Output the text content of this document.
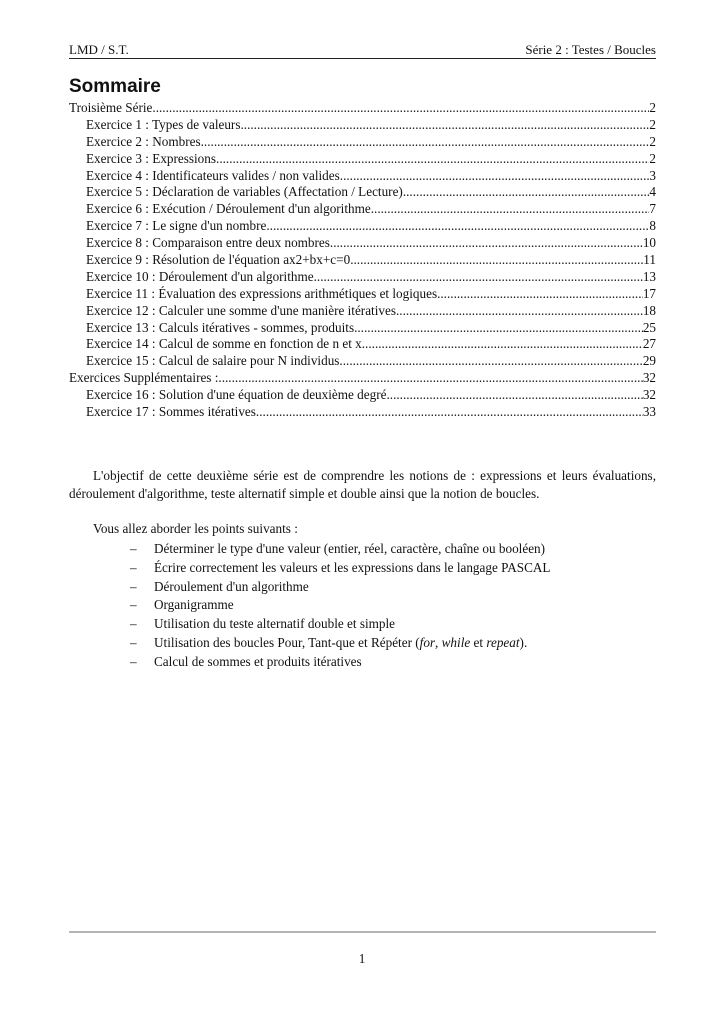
LMD / S.T.	Série 2 : Testes / Boucles
Sommaire
Troisième Série .....	2
Exercice 1 : Types de valeurs .....	2
Exercice 2 : Nombres .....	2
Exercice 3 : Expressions .....	2
Exercice 4 : Identificateurs valides / non valides .....	3
Exercice 5 : Déclaration de variables (Affectation / Lecture) .....	4
Exercice 6 : Exécution / Déroulement d'un algorithme .....	7
Exercice 7 : Le signe d'un nombre .....	8
Exercice 8 : Comparaison entre deux nombres .....	10
Exercice 9 : Résolution de l'équation ax2+bx+c=0 .....	11
Exercice 10 : Déroulement d'un algorithme .....	13
Exercice 11 : Évaluation des expressions arithmétiques et logiques .....	17
Exercice 12 : Calculer une somme d'une manière itératives .....	18
Exercice 13 : Calculs itératives - sommes, produits .....	25
Exercice 14 : Calcul de somme en fonction de n et x .....	27
Exercice 15 : Calcul de salaire pour N individus .....	29
Exercices Supplémentaires : .....	32
Exercice 16 : Solution d'une équation de deuxième degré .....	32
Exercice 17 : Sommes itératives .....	33

L'objectif de cette deuxième série est de comprendre les notions de : expressions et leurs évaluations, déroulement d'algorithme, teste alternatif simple et double ainsi que la notion de boucles.

Vous allez aborder les points suivants :

–	Déterminer le type d'une valeur (entier, réel, caractère, chaîne ou booléen)
–	Écrire correctement les valeurs et les expressions dans le langage PASCAL
–	Déroulement d'un algorithme
–	Organigramme
–	Utilisation du teste alternatif double et simple
–	Utilisation des boucles Pour, Tant-que et Répéter (for, while et repeat).
–	Calcul de sommes et produits itératives
1
